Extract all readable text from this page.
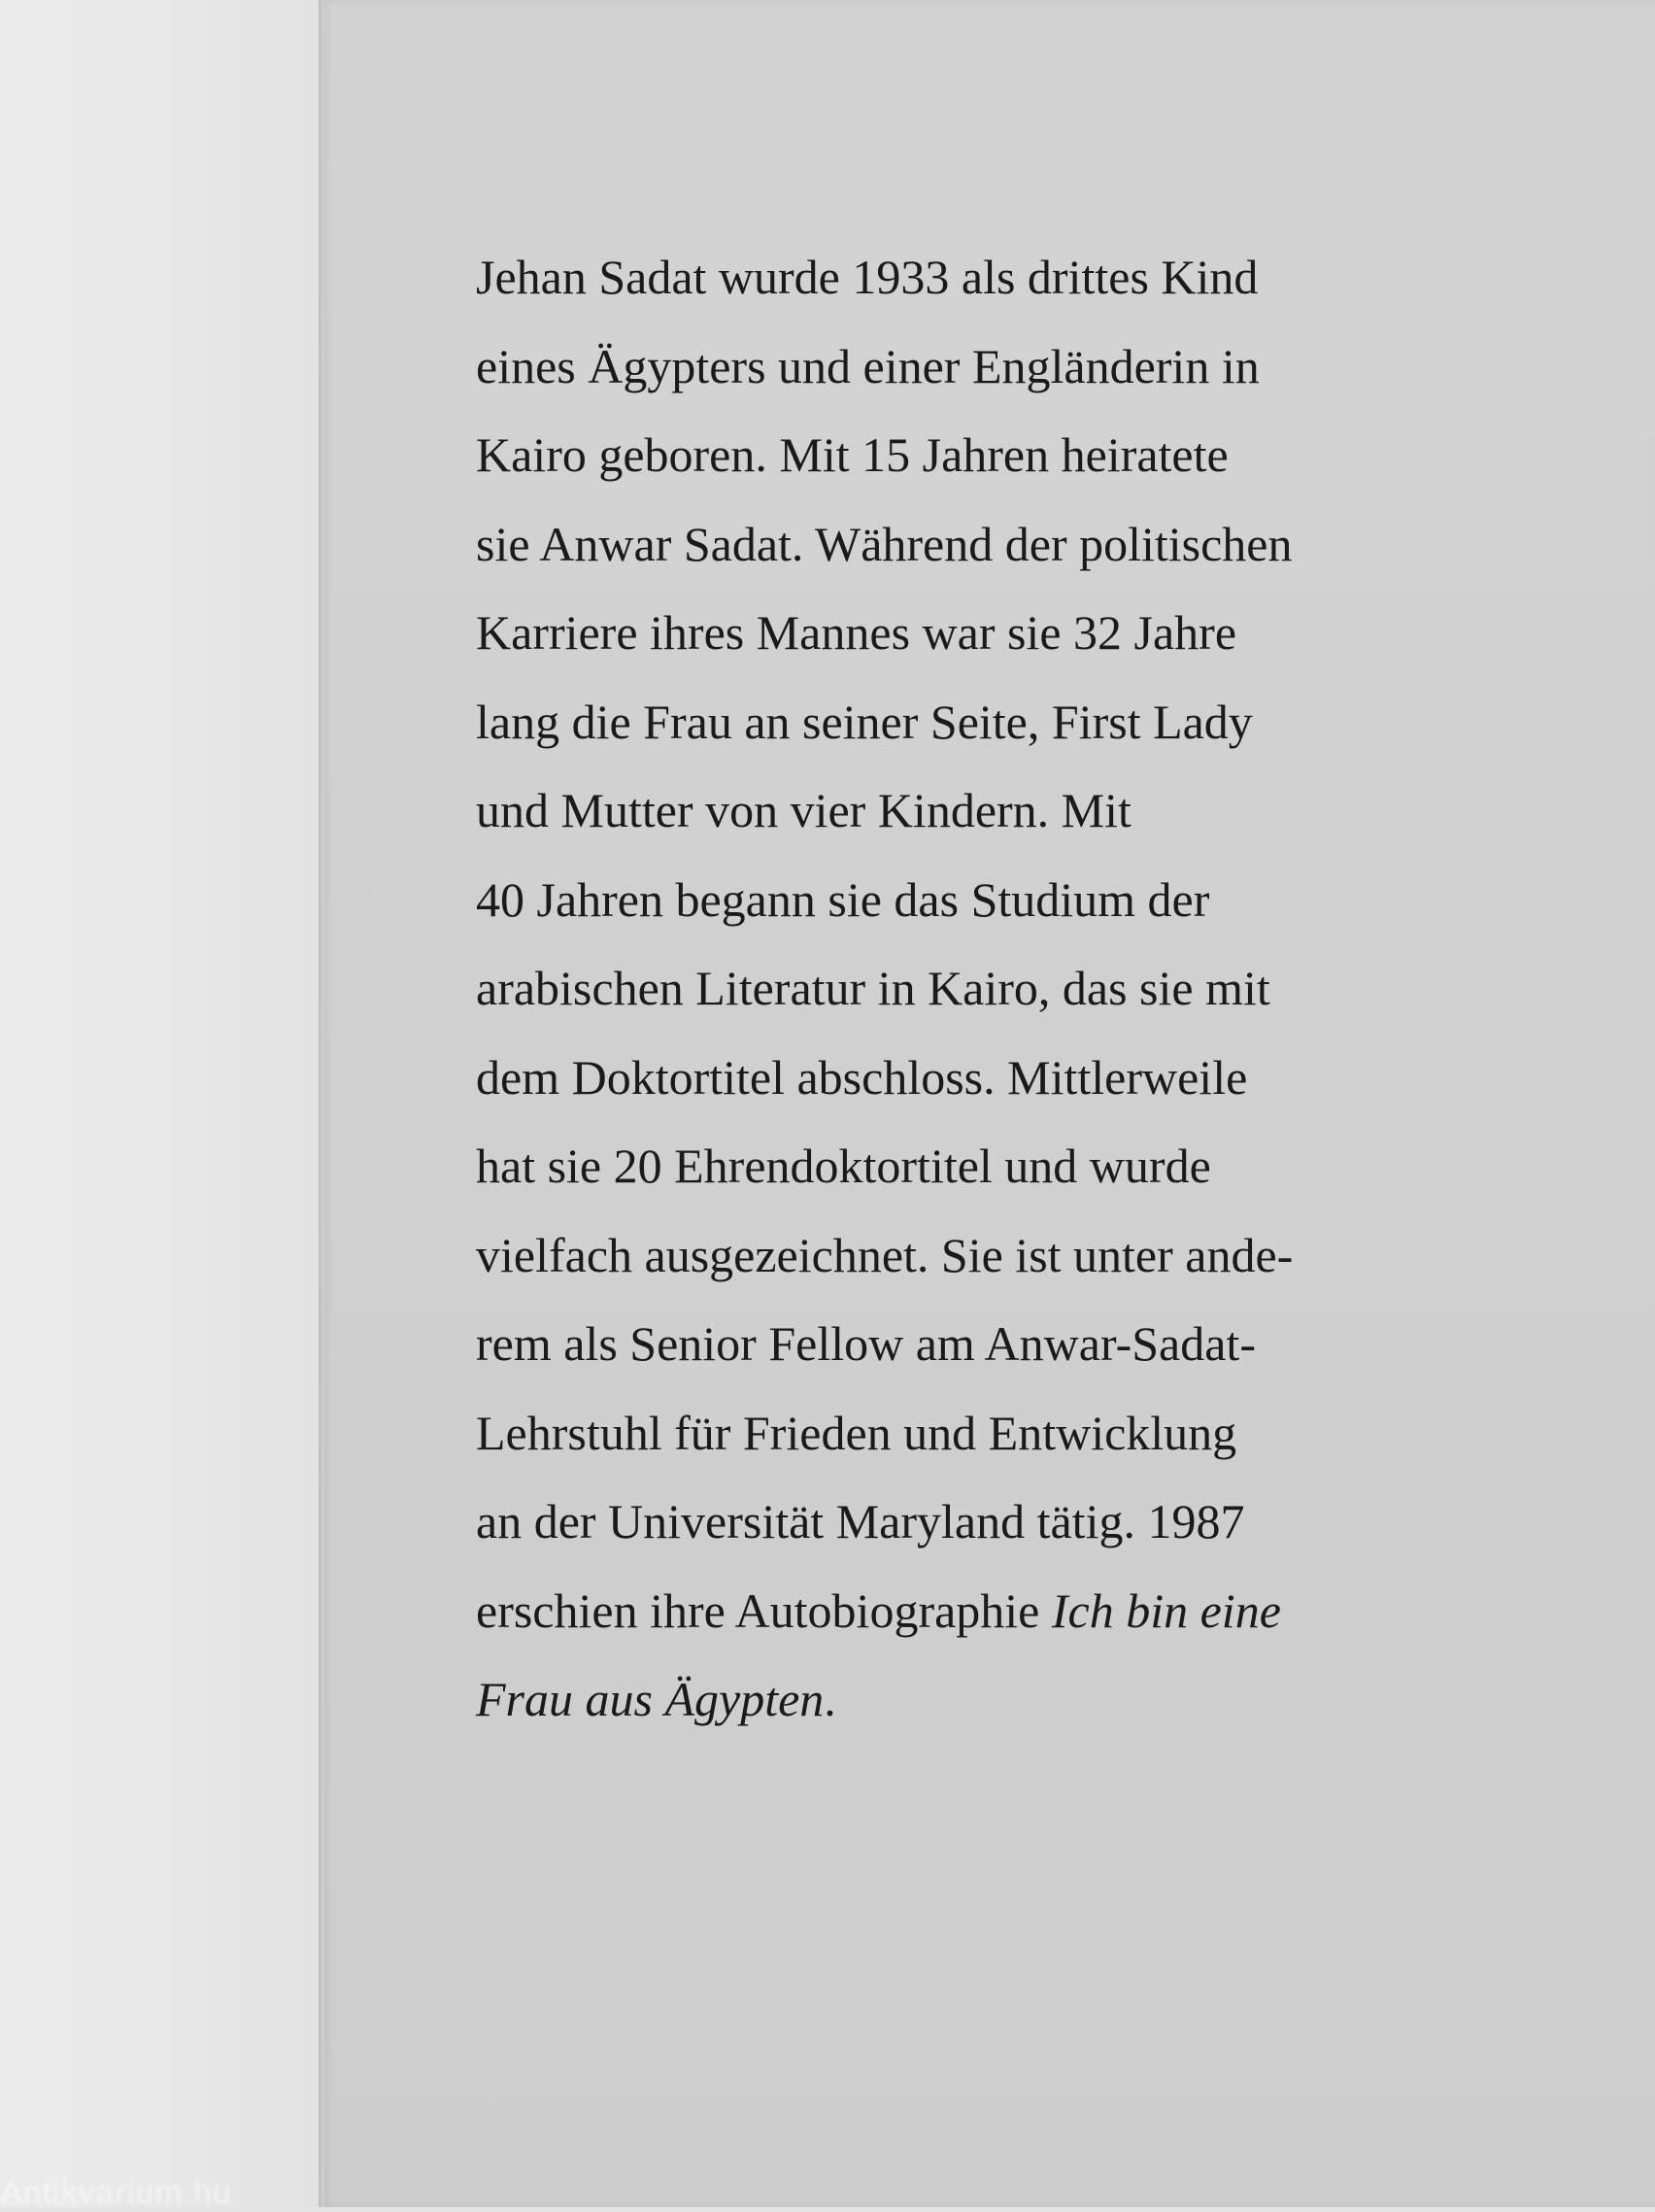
Jehan Sadat wurde 1933 als drittes Kind
eines Ägypters und einer Engländerin in
Kairo geboren. Mit 15 Jahren heiratete
sie Anwar Sadat. Während der politischen
Karriere ihres Mannes war sie 32 Jahre
lang die Frau an seiner Seite, First Lady
und Mutter von vier Kindern. Mit
40 Jahren begann sie das Studium der
arabischen Literatur in Kairo, das sie mit
dem Doktortitel abschloss. Mittlerweile
hat sie 20 Ehrendoktortitel und wurde
vielfach ausgezeichnet. Sie ist unter ande-
rem als Senior Fellow am Anwar-Sadat-
Lehrstuhl für Frieden und Entwicklung
an der Universität Maryland tätig. 1987
erschien ihre Autobiographie Ich bin eine
Frau aus Ägypten.
Antikvarium.hu
